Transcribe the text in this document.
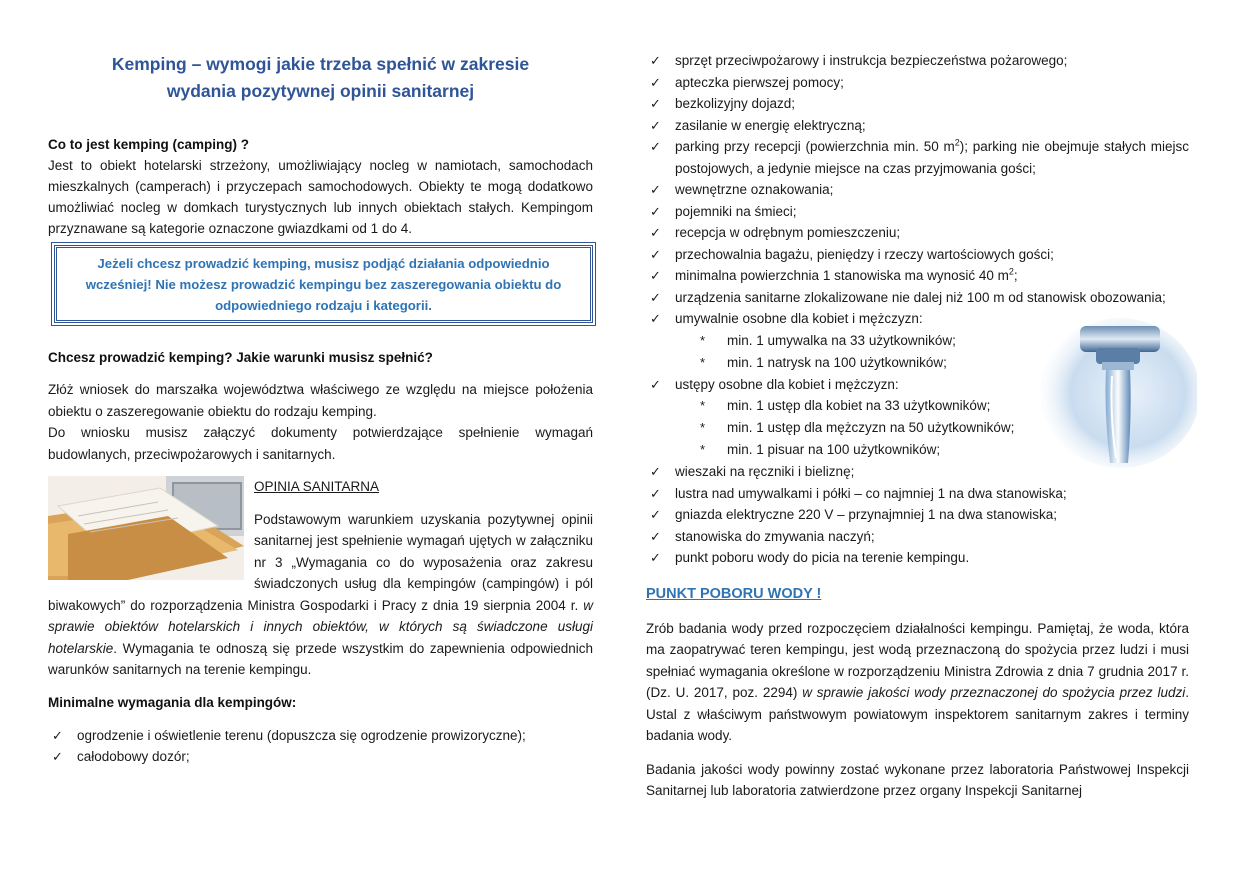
Kemping – wymogi jakie trzeba spełnić w zakresie
wydania pozytywnej opinii sanitarnej

Co to jest kemping (camping) ?

Jest to obiekt hotelarski strzeżony, umożliwiający nocleg w namiotach, samochodach mieszkalnych (camperach) i przyczepach samochodowych. Obiekty te mogą dodatkowo umożliwiać nocleg w domkach turystycznych lub innych obiektach stałych. Kempingom przyznawane są kategorie oznaczone gwiazdkami od 1 do 4.

Jeżeli chcesz prowadzić kemping, musisz podjąć działania odpowiednio wcześniej! Nie możesz prowadzić kempingu bez zaszeregowania obiektu do odpowiedniego rodzaju i kategorii.

Chcesz prowadzić kemping? Jakie warunki musisz spełnić?

Złóż wniosek do marszałka województwa właściwego ze względu na miejsce położenia obiektu o zaszeregowanie obiektu do rodzaju kemping.

Do wniosku musisz załączyć dokumenty potwierdzające spełnienie wymagań budowlanych, przeciwpożarowych i sanitarnych.

OPINIA SANITARNA

Podstawowym warunkiem uzyskania pozytywnej opinii sanitarnej jest spełnienie wymagań ujętych w załączniku nr 3 „Wymagania co do wyposażenia oraz zakresu świadczonych usług dla kempingów (campingów) i pól biwakowych” do rozporządzenia Ministra Gospodarki i Pracy z dnia 19 sierpnia 2004 r. w sprawie obiektów hotelarskich i innych obiektów, w których są świadczone usługi hotelarskie. Wymagania te odnoszą się przede wszystkim do zapewnienia odpowiednich warunków sanitarnych na terenie kempingu.

Minimalne wymagania dla kempingów:

✓ ogrodzenie i oświetlenie terenu (dopuszcza się ogrodzenie prowizoryczne);
✓ całodobowy dozór;
✓ sprzęt przeciwpożarowy i instrukcja bezpieczeństwa pożarowego;
✓ apteczka pierwszej pomocy;
✓ bezkolizyjny dojazd;
✓ zasilanie w energię elektryczną;
✓ parking przy recepcji (powierzchnia min. 50 $m^2$); parking nie obejmuje stałych miejsc postojowych, a jedynie miejsce na czas przyjmowania gości;
✓ wewnętrzne oznakowania;
✓ pojemniki na śmieci;
✓ recepcja w odrębnym pomieszczeniu;
✓ przechowalnia bagażu, pieniędzy i rzeczy wartościowych gości;
✓ minimalna powierzchnia 1 stanowiska ma wynosić 40 $m^2$;
✓ urządzenia sanitarne zlokalizowane nie dalej niż 100 m od stanowisk obozowania;
✓ umywalnie osobne dla kobiet i mężczyzn:
* min. 1 umywalka na 33 użytkowników;
* min. 1 natrysk na 100 użytkowników;
✓ ustępy osobne dla kobiet i mężczyzn:
* min. 1 ustęp dla kobiet na 33 użytkowników;
* min. 1 ustęp dla mężczyzn na 50 użytkowników;
* min. 1 pisuar na 100 użytkowników;
✓ wieszaki na ręczniki i bieliznę;
✓ lustra nad umywalkami i półki – co najmniej 1 na dwa stanowiska;
✓ gniazda elektryczne 220 V – przynajmniej 1 na dwa stanowiska;
✓ stanowiska do zmywania naczyń;
✓ punkt poboru wody do picia na terenie kempingu.

PUNKT POBORU WODY !

Zrób badania wody przed rozpoczęciem działalności kempingu. Pamiętaj, że woda, która ma zaopatrywać teren kempingu, jest wodą przeznaczoną do spożycia przez ludzi i musi spełniać wymagania określone w rozporządzeniu Ministra Zdrowia z dnia 7 grudnia 2017 r. (Dz. U. 2017, poz. 2294) w sprawie jakości wody przeznaczonej do spożycia przez ludzi. Ustal z właściwym państwowym powiatowym inspektorem sanitarnym zakres i terminy badania wody.

Badania jakości wody powinny zostać wykonane przez laboratoria Państwowej Inspekcji Sanitarnej lub laboratoria zatwierdzone przez organy Inspekcji Sanitarnej
